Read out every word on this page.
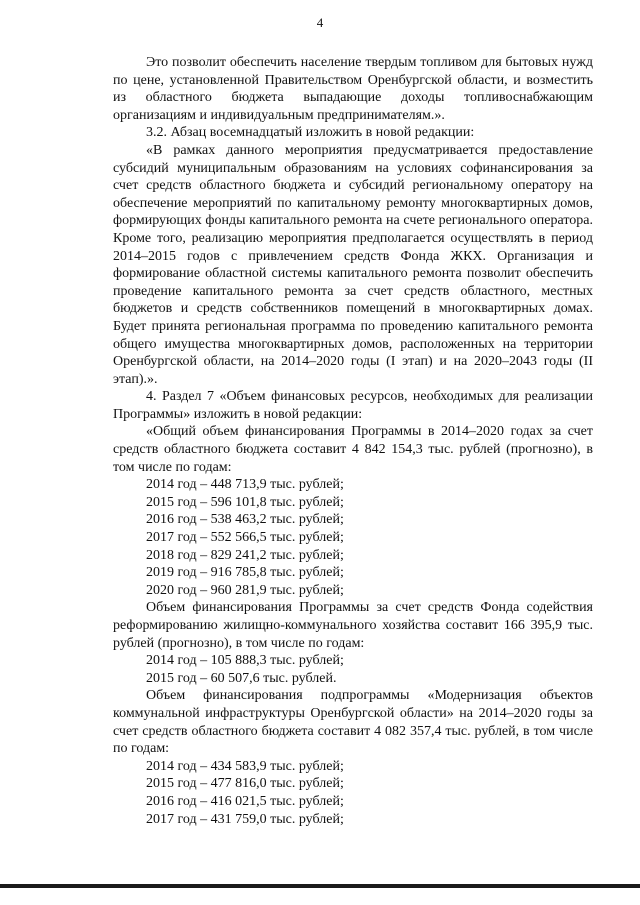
4

Это позволит обеспечить население твердым топливом для бытовых нужд по цене, установленной Правительством Оренбургской области, и возместить из областного бюджета выпадающие доходы топливоснабжающим организациям и индивидуальным предпринимателям.».

3.2. Абзац восемнадцатый изложить в новой редакции:

«В рамках данного мероприятия предусматривается предоставление субсидий муниципальным образованиям на условиях софинансирования за счет средств областного бюджета и субсидий региональному оператору на обеспечение мероприятий по капитальному ремонту многоквартирных домов, формирующих фонды капитального ремонта на счете регионального оператора. Кроме того, реализацию мероприятия предполагается осуществлять в период 2014–2015 годов с привлечением средств Фонда ЖКХ. Организация и формирование областной системы капитального ремонта позволит обеспечить проведение капитального ремонта за счет средств областного, местных бюджетов и средств собственников помещений в многоквартирных домах. Будет принята региональная программа по проведению капитального ремонта общего имущества многоквартирных домов, расположенных на территории Оренбургской области, на 2014–2020 годы (I этап) и на 2020–2043 годы (II этап).».

4. Раздел 7 «Объем финансовых ресурсов, необходимых для реализации Программы» изложить в новой редакции:

«Общий объем финансирования Программы в 2014–2020 годах за счет средств областного бюджета составит 4 842 154,3 тыс. рублей (прогнозно), в том числе по годам:

2014 год – 448 713,9 тыс. рублей;
2015 год – 596 101,8 тыс. рублей;
2016 год – 538 463,2 тыс. рублей;
2017 год – 552 566,5 тыс. рублей;
2018 год – 829 241,2 тыс. рублей;
2019 год – 916 785,8 тыс. рублей;
2020 год – 960 281,9 тыс. рублей;

Объем финансирования Программы за счет средств Фонда содействия реформированию жилищно-коммунального хозяйства составит 166 395,9 тыс. рублей (прогнозно), в том числе по годам:

2014 год – 105 888,3 тыс. рублей;
2015 год – 60 507,6 тыс. рублей.

Объем финансирования подпрограммы «Модернизация объектов коммунальной инфраструктуры Оренбургской области» на 2014–2020 годы за счет средств областного бюджета составит 4 082 357,4 тыс. рублей, в том числе по годам:

2014 год – 434 583,9 тыс. рублей;
2015 год – 477 816,0 тыс. рублей;
2016 год – 416 021,5 тыс. рублей;
2017 год – 431 759,0 тыс. рублей;
